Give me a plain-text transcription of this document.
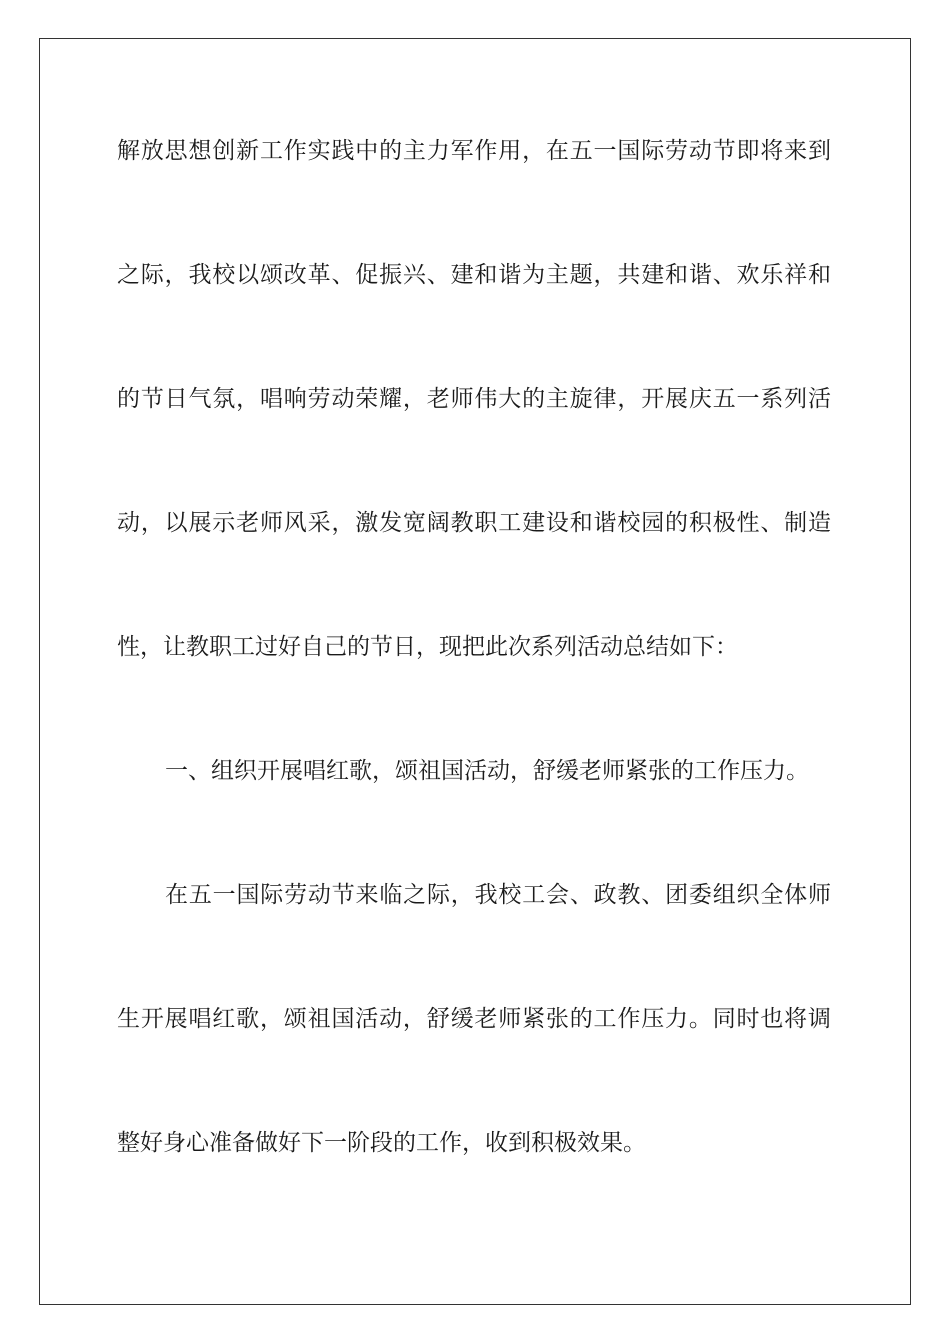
解放思想创新工作实践中的主力军作用，在五一国际劳动节即将来到
之际，我校以颂改革、促振兴、建和谐为主题，共建和谐、欢乐祥和
的节日气氛，唱响劳动荣耀，老师伟大的主旋律，开展庆五一系列活
动，以展示老师风采，激发宽阔教职工建设和谐校园的积极性、制造
性，让教职工过好自己的节日，现把此次系列活动总结如下：
一、组织开展唱红歌，颂祖国活动，舒缓老师紧张的工作压力。
在五一国际劳动节来临之际，我校工会、政教、团委组织全体师
生开展唱红歌，颂祖国活动，舒缓老师紧张的工作压力。同时也将调
整好身心准备做好下一阶段的工作，收到积极效果。
